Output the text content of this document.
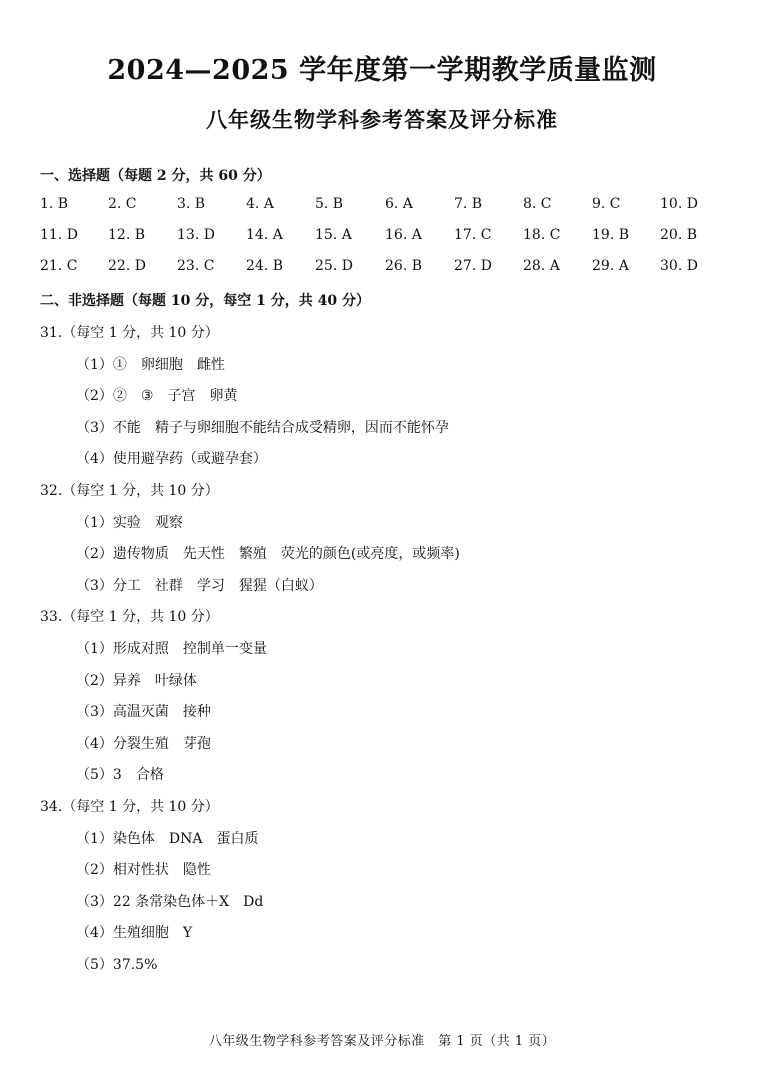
2024—2025 学年度第一学期教学质量监测
八年级生物学科参考答案及评分标准
一、选择题（每题 2 分，共 60 分）
1. B	2. C	3. B	4. A	5. B	6. A	7. B	8. C	9. C	10. D
11. D 12. B 13. D 14. A 15. A 16. A 17. C 18. C 19. B 20. B
21. C 22. D 23. C 24. B 25. D 26. B 27. D 28. A 29. A 30. D
二、非选择题（每题 10 分，每空 1 分，共 40 分）
31.（每空 1 分，共 10 分）
（1）① 卵细胞 雌性
（2）② ③ 子宫 卵黄
（3）不能 精子与卵细胞不能结合成受精卵，因而不能怀孕
（4）使用避孕药（或避孕套）
32.（每空 1 分，共 10 分）
（1）实验 观察
（2）遗传物质 先天性 繁殖 荧光的颜色(或亮度，或频率)
（3）分工 社群 学习 猩猩（白蚁）
33.（每空 1 分，共 10 分）
（1）形成对照 控制单一变量
（2）异养 叶绿体
（3）高温灭菌 接种
（4）分裂生殖 芽孢
（5）3 合格
34.（每空 1 分，共 10 分）
（1）染色体 DNA 蛋白质
（2）相对性状 隐性
（3）22 条常染色体＋X Dd
（4）生殖细胞 Y
（5）37.5%
八年级生物学科参考答案及评分标准　第 1 页（共 1 页）
